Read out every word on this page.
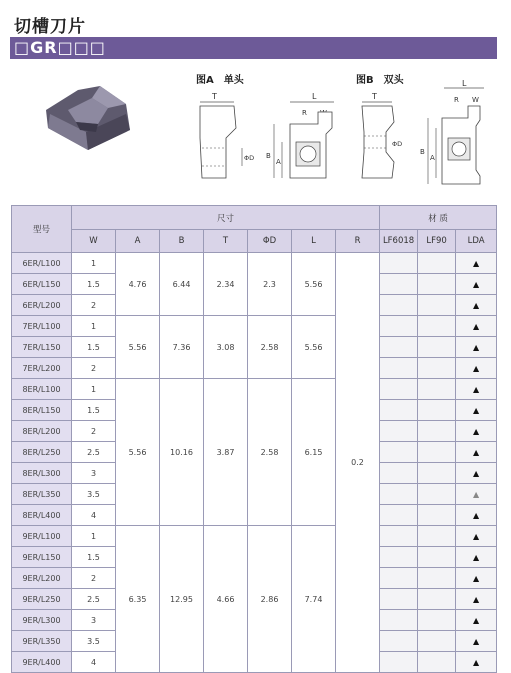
切槽刀片
□GR□□□
图A　单头	图B　双头
T
ΦD
L
R
B
A
T
ΦD
L
R W
B
A
型号	尺寸							材 质		
	W	A	B	T	ΦD	L	R	LF6018	LF90	LDA
6ER/L100	1	4.76	6.44	2.34	2.3	5.56	0.2			▲
6ER/L150	1.5									▲
6ER/L200	2									▲
7ER/L100	1	5.56	7.36	3.08	2.58	5.56				▲
7ER/L150	1.5									▲
7ER/L200	2									▲
8ER/L100	1	5.56	10.16	3.87	2.58	6.15				▲
8ER/L150	1.5									▲
8ER/L200	2									▲
8ER/L250	2.5									▲
8ER/L300	3									▲
8ER/L350	3.5									▲
8ER/L400	4									▲
9ER/L100	1	6.35	12.95	4.66	2.86	7.74				▲
9ER/L150	1.5									▲
9ER/L200	2									▲
9ER/L250	2.5									▲
9ER/L300	3									▲
9ER/L350	3.5									▲
9ER/L400	4									▲
